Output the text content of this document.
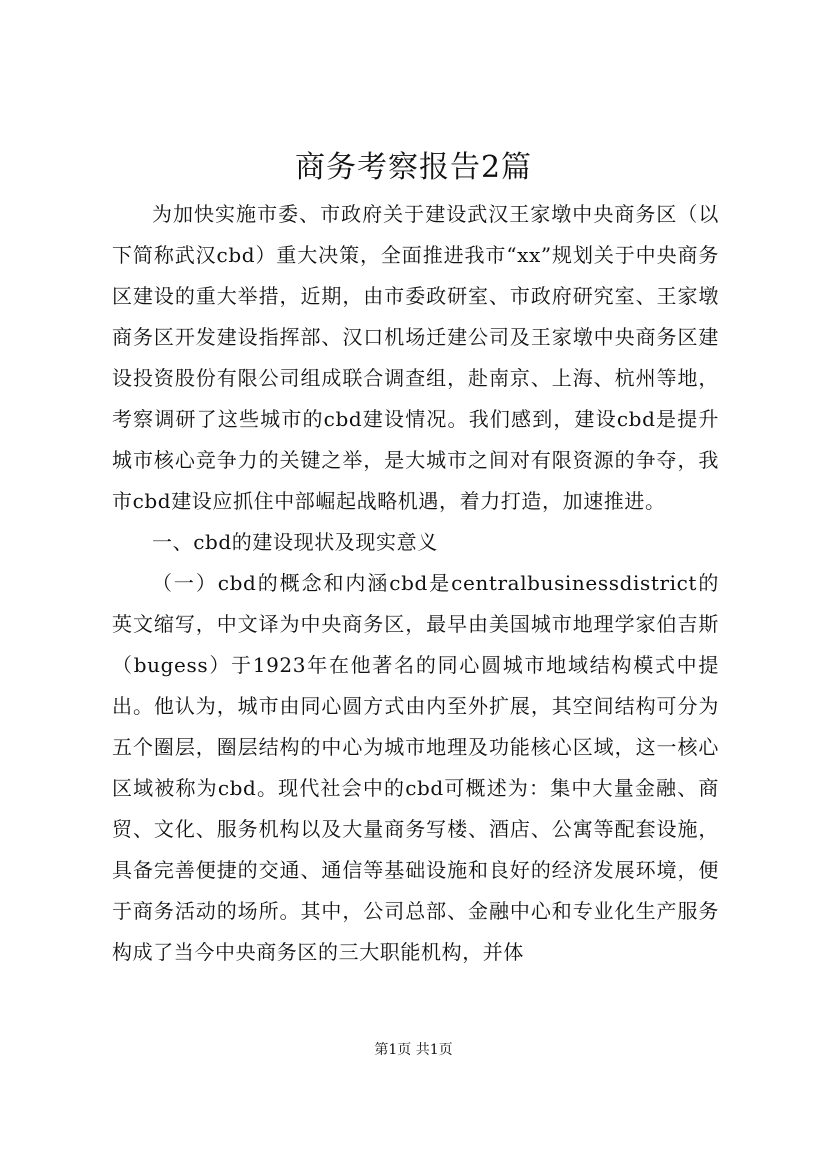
商务考察报告2篇

为加快实施市委、市政府关于建设武汉王家墩中央商务区（以下简称武汉cbd）重大决策，全面推进我市“xx”规划关于中央商务区建设的重大举措，近期，由市委政研室、市政府研究室、王家墩商务区开发建设指挥部、汉口机场迁建公司及王家墩中央商务区建设投资股份有限公司组成联合调查组，赴南京、上海、杭州等地，考察调研了这些城市的cbd建设情况。我们感到，建设cbd是提升城市核心竞争力的关键之举，是大城市之间对有限资源的争夺，我市cbd建设应抓住中部崛起战略机遇，着力打造，加速推进。

一、cbd的建设现状及现实意义

（一）cbd的概念和内涵cbd是centralbusinessdistrict的英文缩写，中文译为中央商务区，最早由美国城市地理学家伯吉斯（bugess）于1923年在他著名的同心圆城市地域结构模式中提出。他认为，城市由同心圆方式由内至外扩展，其空间结构可分为五个圈层，圈层结构的中心为城市地理及功能核心区域，这一核心区域被称为cbd。现代社会中的cbd可概述为：集中大量金融、商贸、文化、服务机构以及大量商务写楼、酒店、公寓等配套设施，具备完善便捷的交通、通信等基础设施和良好的经济发展环境，便于商务活动的场所。其中，公司总部、金融中心和专业化生产服务构成了当今中央商务区的三大职能机构，并体

第1页 共1页
